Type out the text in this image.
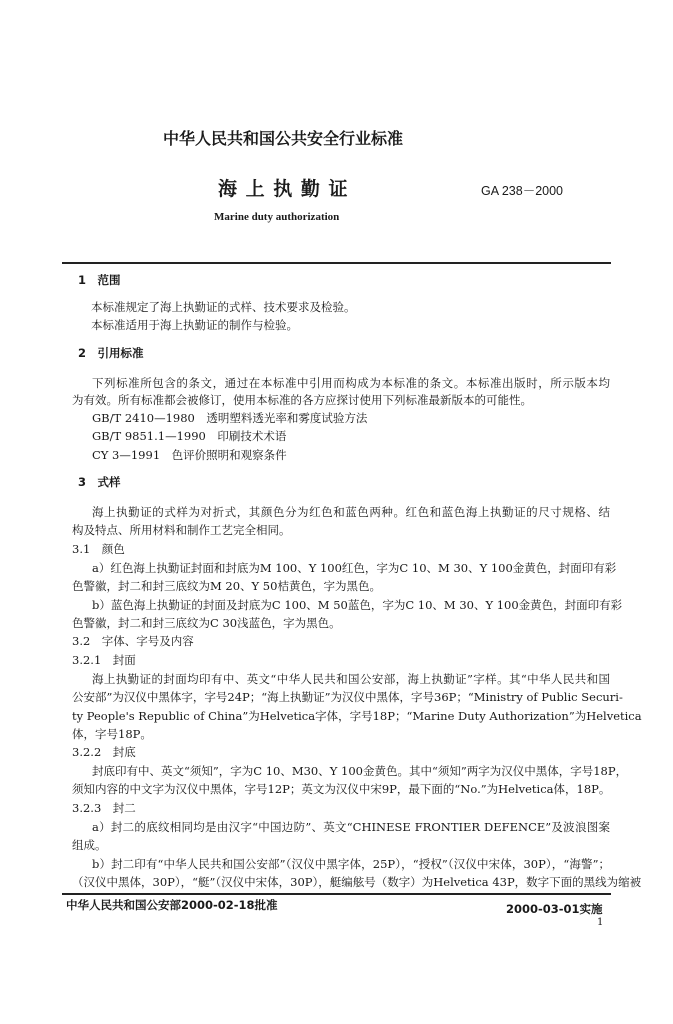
中华人民共和国公共安全行业标准
海 上 执 勤 证	GA 238－2000
Marine duty authorization
1　范围
本标准规定了海上执勤证的式样、技术要求及检验。
本标准适用于海上执勤证的制作与检验。
2　引用标准
下列标准所包含的条文，通过在本标准中引用而构成为本标准的条文。本标准出版时，所示版本均
为有效。所有标准都会被修订，使用本标准的各方应探讨使用下列标准最新版本的可能性。
GB/T 2410—1980　透明塑料透光率和雾度试验方法
GB/T 9851.1—1990　印刷技术术语
CY 3—1991　色评价照明和观察条件
3　式样
海上执勤证的式样为对折式，其颜色分为红色和蓝色两种。红色和蓝色海上执勤证的尺寸规格、结
构及特点、所用材料和制作工艺完全相同。
3.1　颜色
a）红色海上执勤证封面和封底为M 100、Y 100红色，字为C 10、M 30、Y 100金黄色，封面印有彩
色警徽，封二和封三底纹为M 20、Y 50桔黄色，字为黑色。
b）蓝色海上执勤证的封面及封底为C 100、M 50蓝色，字为C 10、M 30、Y 100金黄色，封面印有彩
色警徽，封二和封三底纹为C 30浅蓝色，字为黑色。
3.2　字体、字号及内容
3.2.1　封面
海上执勤证的封面均印有中、英文“中华人民共和国公安部，海上执勤证”字样。其“中华人民共和国
公安部”为汉仪中黑体字，字号24P；“海上执勤证”为汉仪中黑体，字号36P；“Ministry of Public Securi-
ty People's Republic of China”为Helvetica字体，字号18P；“Marine Duty Authorization”为Helvetica
体，字号18P。
3.2.2　封底
封底印有中、英文“须知”，字为C 10、M30、Y 100金黄色。其中“须知”两字为汉仪中黑体，字号18P，
须知内容的中文字为汉仪中黑体，字号12P；英文为汉仪中宋9P，最下面的“No.”为Helvetica体，18P。
3.2.3　封二
a）封二的底纹相同均是由汉字“中国边防”、英文“CHINESE FRONTIER DEFENCE”及波浪图案
组成。
b）封二印有“中华人民共和国公安部”（汉仪中黑字体，25P），“授权”（汉仪中宋体，30P），“海警”；
（汉仪中黑体，30P），“艇”（汉仪中宋体，30P），艇编舷号（数字）为Helvetica 43P，数字下面的黑线为缩被
中华人民共和国公安部2000-02-18批准	2000-03-01实施
1
